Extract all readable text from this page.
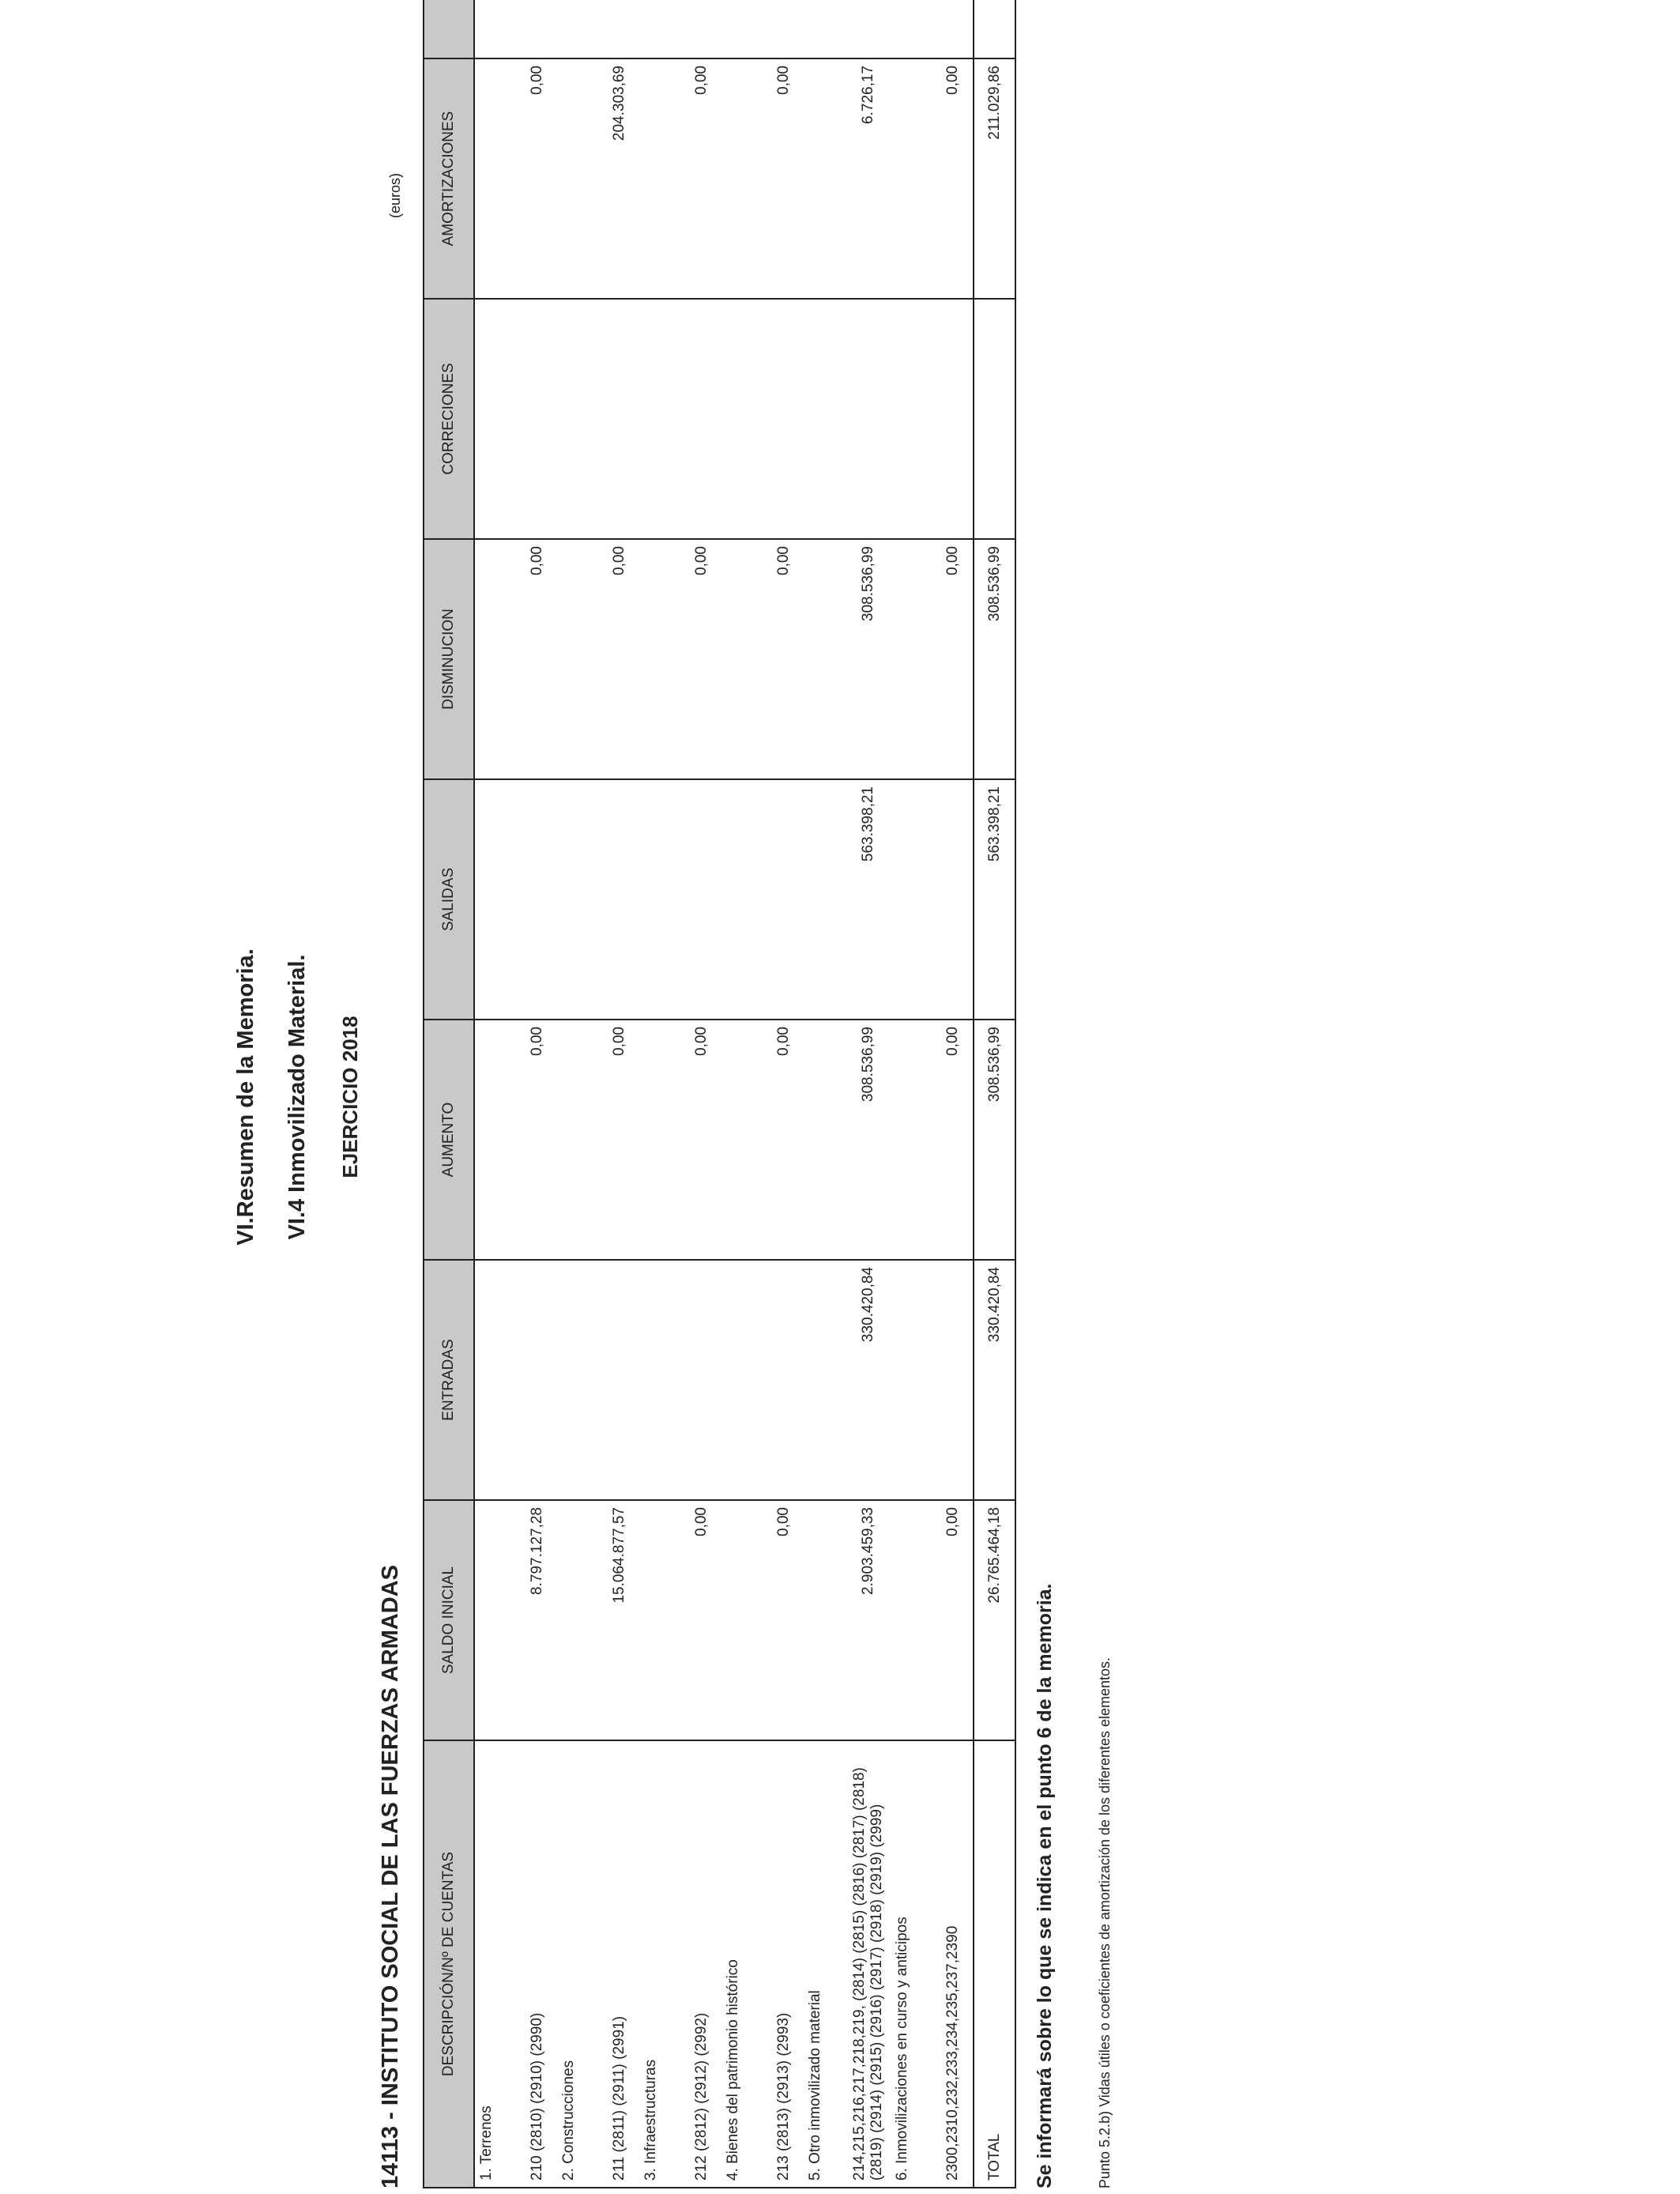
VI.Resumen de la Memoria. VI.4 Inmovilizado Material. EJERCICIO 2018
14113 - INSTITUTO SOCIAL DE LAS FUERZAS ARMADAS
(euros)
DESCRIPCIÓN/Nº DE CUENTAS	SALDO INICIAL	ENTRADAS	AUMENTO	SALIDAS	DISMINUCION	CORRECIONES	AMORTIZACIONES	
1. Terrenos								
210 (2810) (2910) (2990)	8.797.127,28		0,00		0,00		0,00	
2. Construcciones								
211 (2811) (2911) (2991)	15.064.877,57		0,00		0,00		204.303,69	
3. Infraestructuras								
212 (2812) (2912) (2992)	0,00		0,00		0,00		0,00	
4. Bienes del patrimonio histórico								
213 (2813) (2913) (2993)	0,00		0,00		0,00		0,00	
5. Otro inmovilizado material								
214,215,216,217,218,219, (2814) (2815) (2816) (2817) (2818) (2819) (2914) (2915) (2916) (2917) (2918) (2919) (2999)	2.903.459,33	330.420,84	308.536,99	563.398,21	308.536,99		6.726,17	
6. Inmovilizaciones en curso y anticipos								
2300,2310,232,233,234,235,237,2390	0,00		0,00		0,00		0,00	
TOTAL	26.765.464,18	330.420,84	308.536,99	563.398,21	308.536,99		211.029,86	
Se informará sobre lo que se indica en el punto 6 de la memoria.	Punto 5.2.b) Vidas útiles o coeficientes de amortización de los diferentes elementos.
